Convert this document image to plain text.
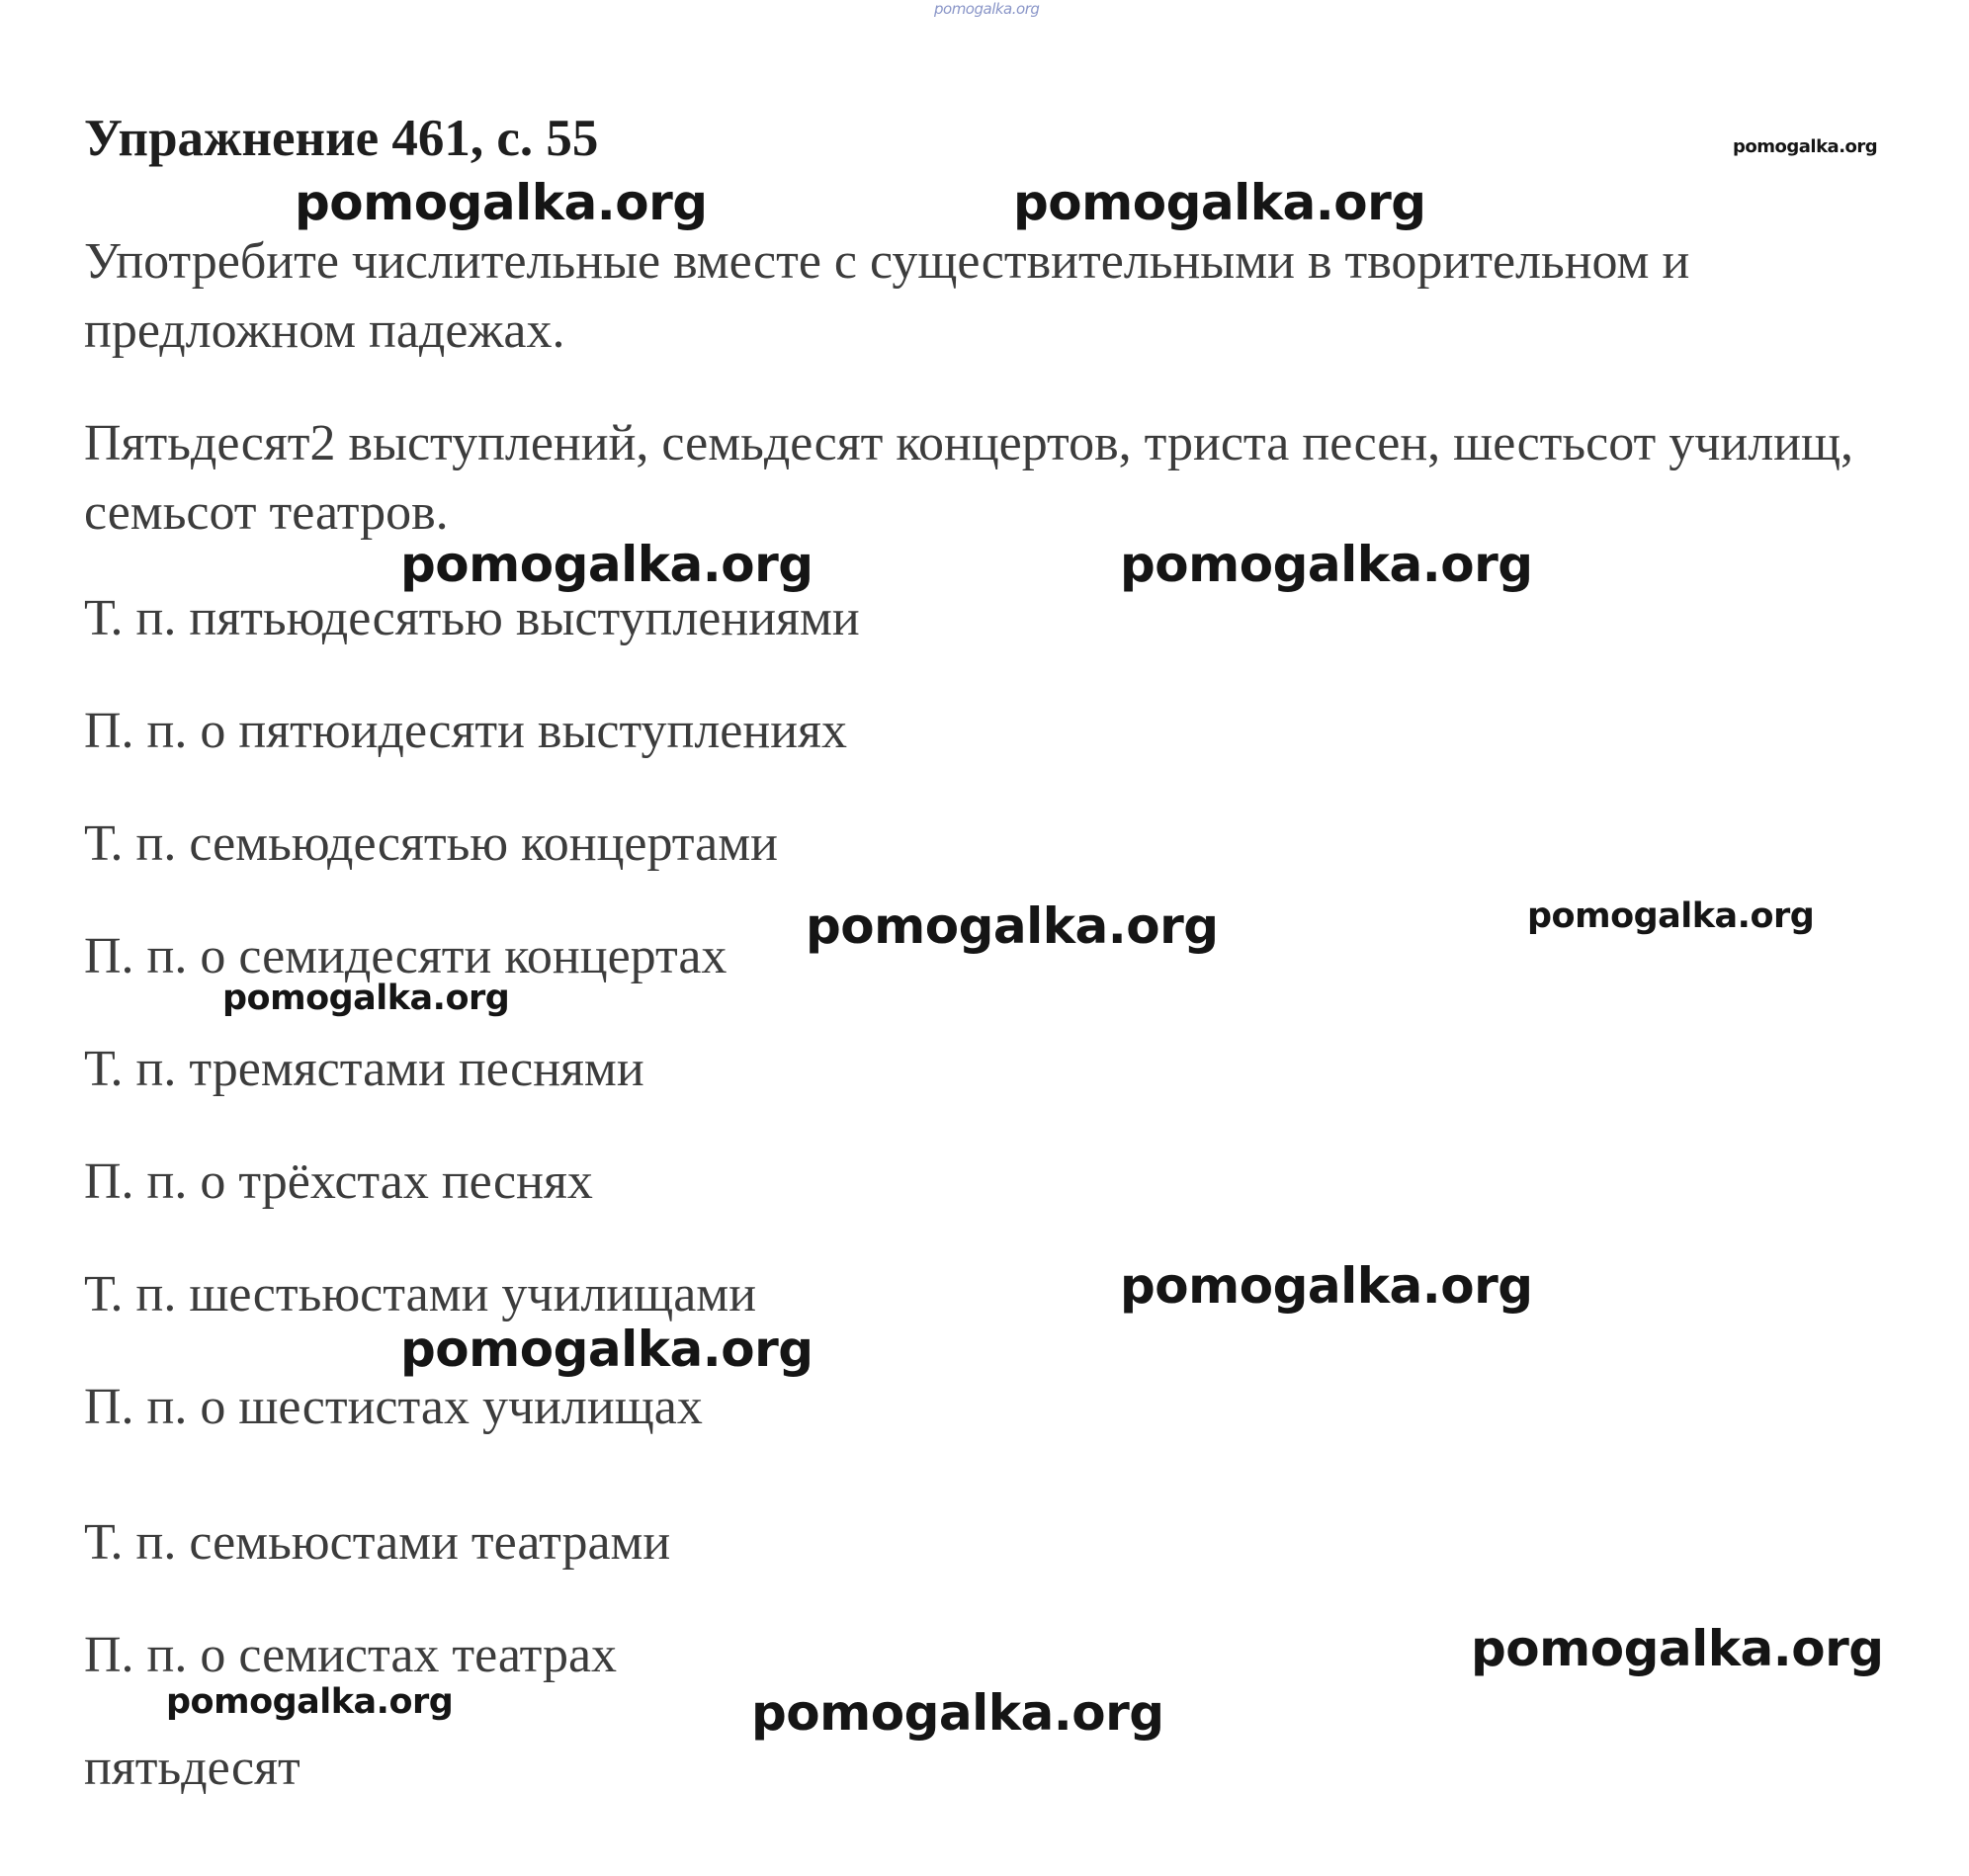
pomogalka.org
Упражнение 461, с. 55	pomogalka.org
pomogalka.org	pomogalka.org

Употребите числительные вместе с существительными в творительном и предложном падежах.

Пятьдесят2 выступлений, семьдесят концертов, триста песен, шестьсот училищ, семьсот театров.

pomogalka.org	pomogalka.org
Т. п. пятьюдесятью выступлениями
П. п. о пятюидесяти выступлениях
Т. п. семьюдесятью концертами
П. п. о семидесяти концертах
Т. п. тремястами песнями
П. п. о трёхстах песнях
Т. п. шестьюстами училищами
П. п. о шестистах училищах
Т. п. семьюстами театрами
П. п. о семистах театрах
пятьдесят
pomogalka.org	pomogalka.org
pomogalka.org
pomogalka.org
pomogalka.org
pomogalka.org
pomogalka.org	pomogalka.org
